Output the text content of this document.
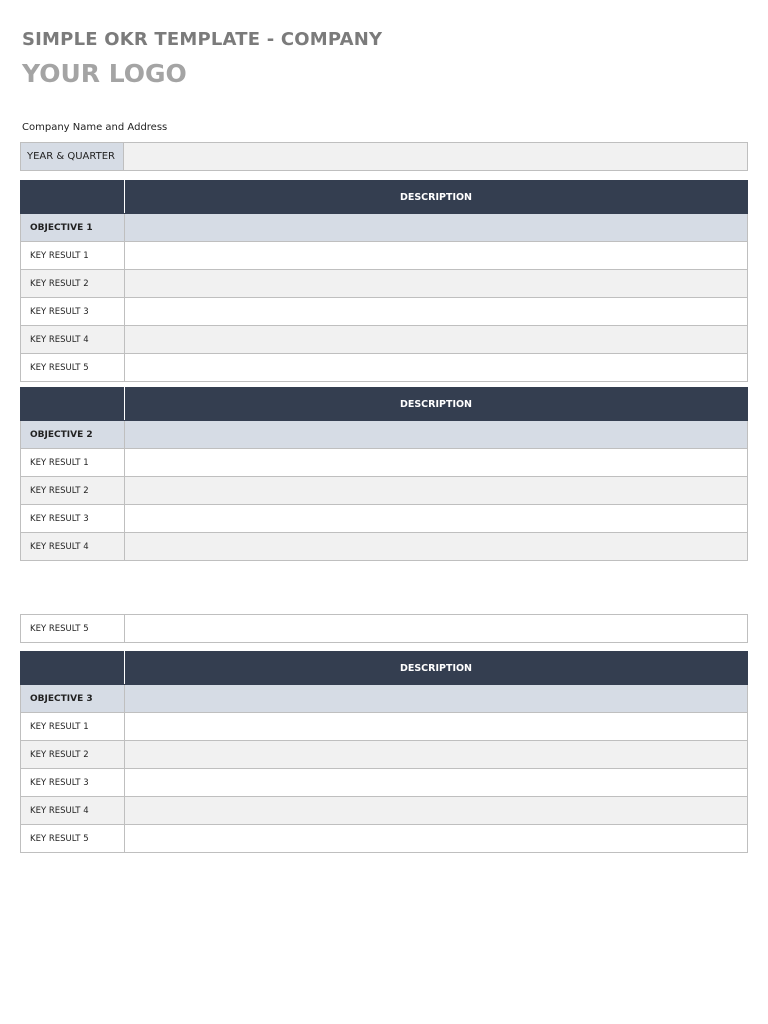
SIMPLE OKR TEMPLATE - COMPANY
YOUR LOGO
Company Name and Address
YEAR & QUARTER
	DESCRIPTION
OBJECTIVE 1	
KEY RESULT 1	
KEY RESULT 2	
KEY RESULT 3	
KEY RESULT 4	
KEY RESULT 5	
	DESCRIPTION
OBJECTIVE 2	
KEY RESULT 1	
KEY RESULT 2	
KEY RESULT 3	
KEY RESULT 4	
KEY RESULT 5	
	DESCRIPTION
OBJECTIVE 3	
KEY RESULT 1	
KEY RESULT 2	
KEY RESULT 3	
KEY RESULT 4	
KEY RESULT 5	
